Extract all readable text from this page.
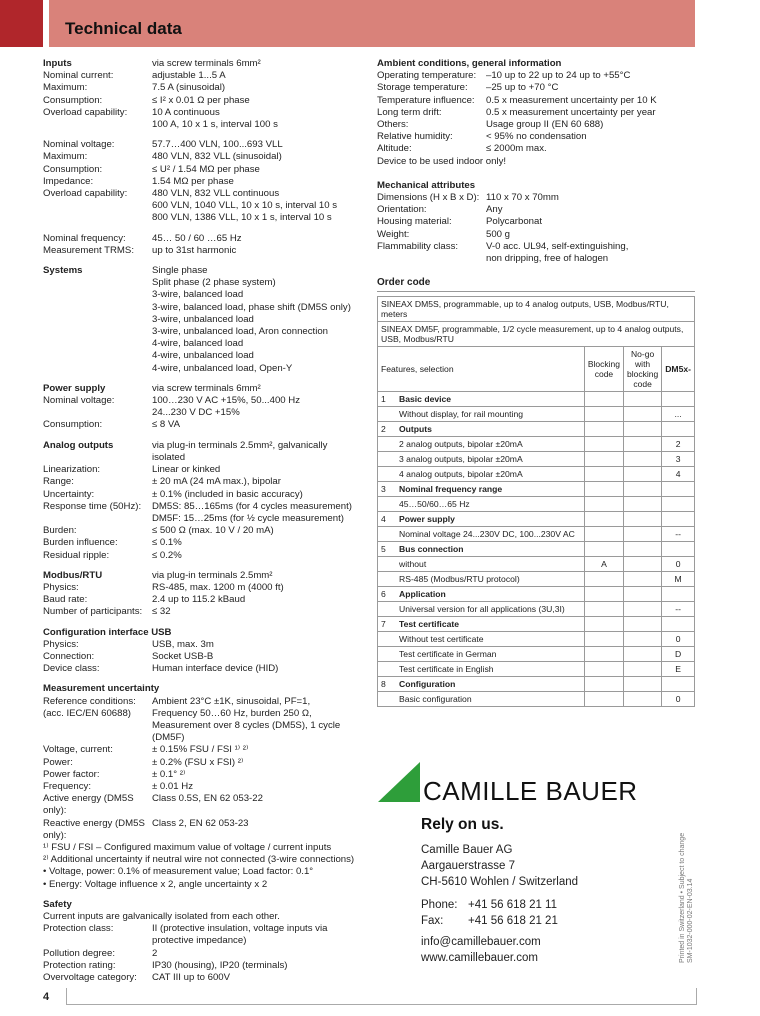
Technical data
Inputs	via screw terminals 6mm²
Nominal current:	adjustable 1...5 A
Maximum:	7.5 A (sinusoidal)
Consumption:	≤ I² x 0.01 Ω per phase
Overload capability:	10 A continuous
100 A, 10 x 1 s, interval 100 s
Nominal voltage:	57.7…400 VLN, 100...693 VLL
Maximum:	480 VLN, 832 VLL (sinusoidal)
Consumption:	≤ U² / 1.54 MΩ per phase
Impedance:	1.54 MΩ per phase
Overload capability:	480 VLN, 832 VLL continuous
600 VLN, 1040 VLL, 10 x 10 s, interval 10 s
800 VLN, 1386 VLL, 10 x 1 s, interval 10 s
Nominal frequency:	45… 50 / 60 …65 Hz
Measurement TRMS:	up to 31st harmonic
Systems	Single phase
Split phase (2 phase system)
3-wire, balanced load
3-wire, balanced load, phase shift (DM5S only)
3-wire, unbalanced load
3-wire, unbalanced load, Aron connection
4-wire, balanced load
4-wire, unbalanced load
4-wire, unbalanced load, Open-Y
Power supply	via screw terminals 6mm²
Nominal voltage:	100…230 V AC +15%, 50...400 Hz
24...230 V DC +15%
Consumption:	≤ 8 VA
Analog outputs	via plug-in terminals 2.5mm², galvanically isolated
Linearization:	Linear or kinked
Range:	± 20 mA (24 mA max.), bipolar
Uncertainty:	± 0.1% (included in basic accuracy)
Response time (50Hz):	DM5S: 85…165ms (for 4 cycles measurement)
DM5F: 15…25ms (for ½ cycle measurement)
Burden:	≤ 500 Ω (max. 10 V / 20 mA)
Burden influence:	≤ 0.1%
Residual ripple:	≤ 0.2%
Modbus/RTU	via plug-in terminals 2.5mm²
Physics:	RS-485, max. 1200 m (4000 ft)
Baud rate:	2.4 up to 115.2 kBaud
Number of participants:	≤ 32
Configuration interface USB
Physics:	USB, max. 3m
Connection:	Socket USB-B
Device class:	Human interface device (HID)
Measurement uncertainty
Reference conditions:	Ambient 23°C ±1K, sinusoidal, PF=1,
(acc. IEC/EN 60688)	Frequency 50…60 Hz, burden 250 Ω,
Measurement over 8 cycles (DM5S), 1 cycle (DM5F)
Voltage, current:	± 0.15% FSU / FSI ¹⁾ ²⁾
Power:	± 0.2% (FSU x FSI) ²⁾
Power factor:	± 0.1° ²⁾
Frequency:	± 0.01 Hz
Active energy (DM5S only):
Class 0.5S, EN 62 053-22
Reactive energy (DM5S only):
Class 2, EN 62 053-23
¹⁾ FSU / FSI – Configured maximum value of voltage / current inputs
²⁾ Additional uncertainty if neutral wire not connected (3-wire connections)
• Voltage, power: 0.1% of measurement value; Load factor: 0.1°
• Energy: Voltage influence x 2, angle uncertainty x 2
Safety
Current inputs are galvanically isolated from each other.
Protection class:	II (protective insulation, voltage inputs via
protective impedance)
Pollution degree:	2
Protection rating:	IP30 (housing), IP20 (terminals)
Overvoltage category:	CAT III up to 600V
Ambient conditions, general information
Operating temperature:	–10 up to 22 up to 24 up to +55°C
Storage temperature:	–25 up to +70 °C
Temperature influence:	0.5 x measurement uncertainty per 10 K
Long term drift:	0.5 x measurement uncertainty per year
Others:	Usage group II (EN 60 688)
Relative humidity:	< 95% no condensation
Altitude:	≤ 2000m max.
Device to be used indoor only!
Mechanical attributes
Dimensions (H x B x D): 110 x 70 x 70mm
Orientation:	Any
Housing material:	Polycarbonat
Weight:	500 g
Flammability class:	V-0 acc. UL94, self-extinguishing,
non dripping, free of halogen
Order code
SINEAX DM5S, programmable, up to 4 analog outputs, USB, Modbus/RTU, meters			
SINEAX DM5F, programmable, 1/2 cycle measurement, up to 4 analog outputs, USB, Modbus/RTU			
Features, selection	Blocking code	No-go with blocking code	DM5x-
1 Basic device			
Without display, for rail mounting			...
2 Outputs			
2 analog outputs, bipolar ±20mA			2
3 analog outputs, bipolar ±20mA			3
4 analog outputs, bipolar ±20mA			4
3 Nominal frequency range			
45…50/60…65 Hz			
4 Power supply			
Nominal voltage 24...230V DC, 100...230V AC			--
5 Bus connection			
without	A		0
RS-485 (Modbus/RTU protocol)			M
6 Application			
Universal version for all applications (3U,3I)			--
7 Test certificate			
Without test certificate			0
Test certificate in German			D
Test certificate in English			E
8 Configuration			
Basic configuration			0
CAMILLE BAUER
Rely on us.
Camille Bauer AG
Aargauerstrasse 7
CH-5610 Wohlen / Switzerland
Phone: +41 56 618 21 11
Fax: +41 56 618 21 21
info@camillebauer.com
www.camillebauer.com	Printed in Switzerland • Subject to change SM-1032-000-02-EN-03.14
4
